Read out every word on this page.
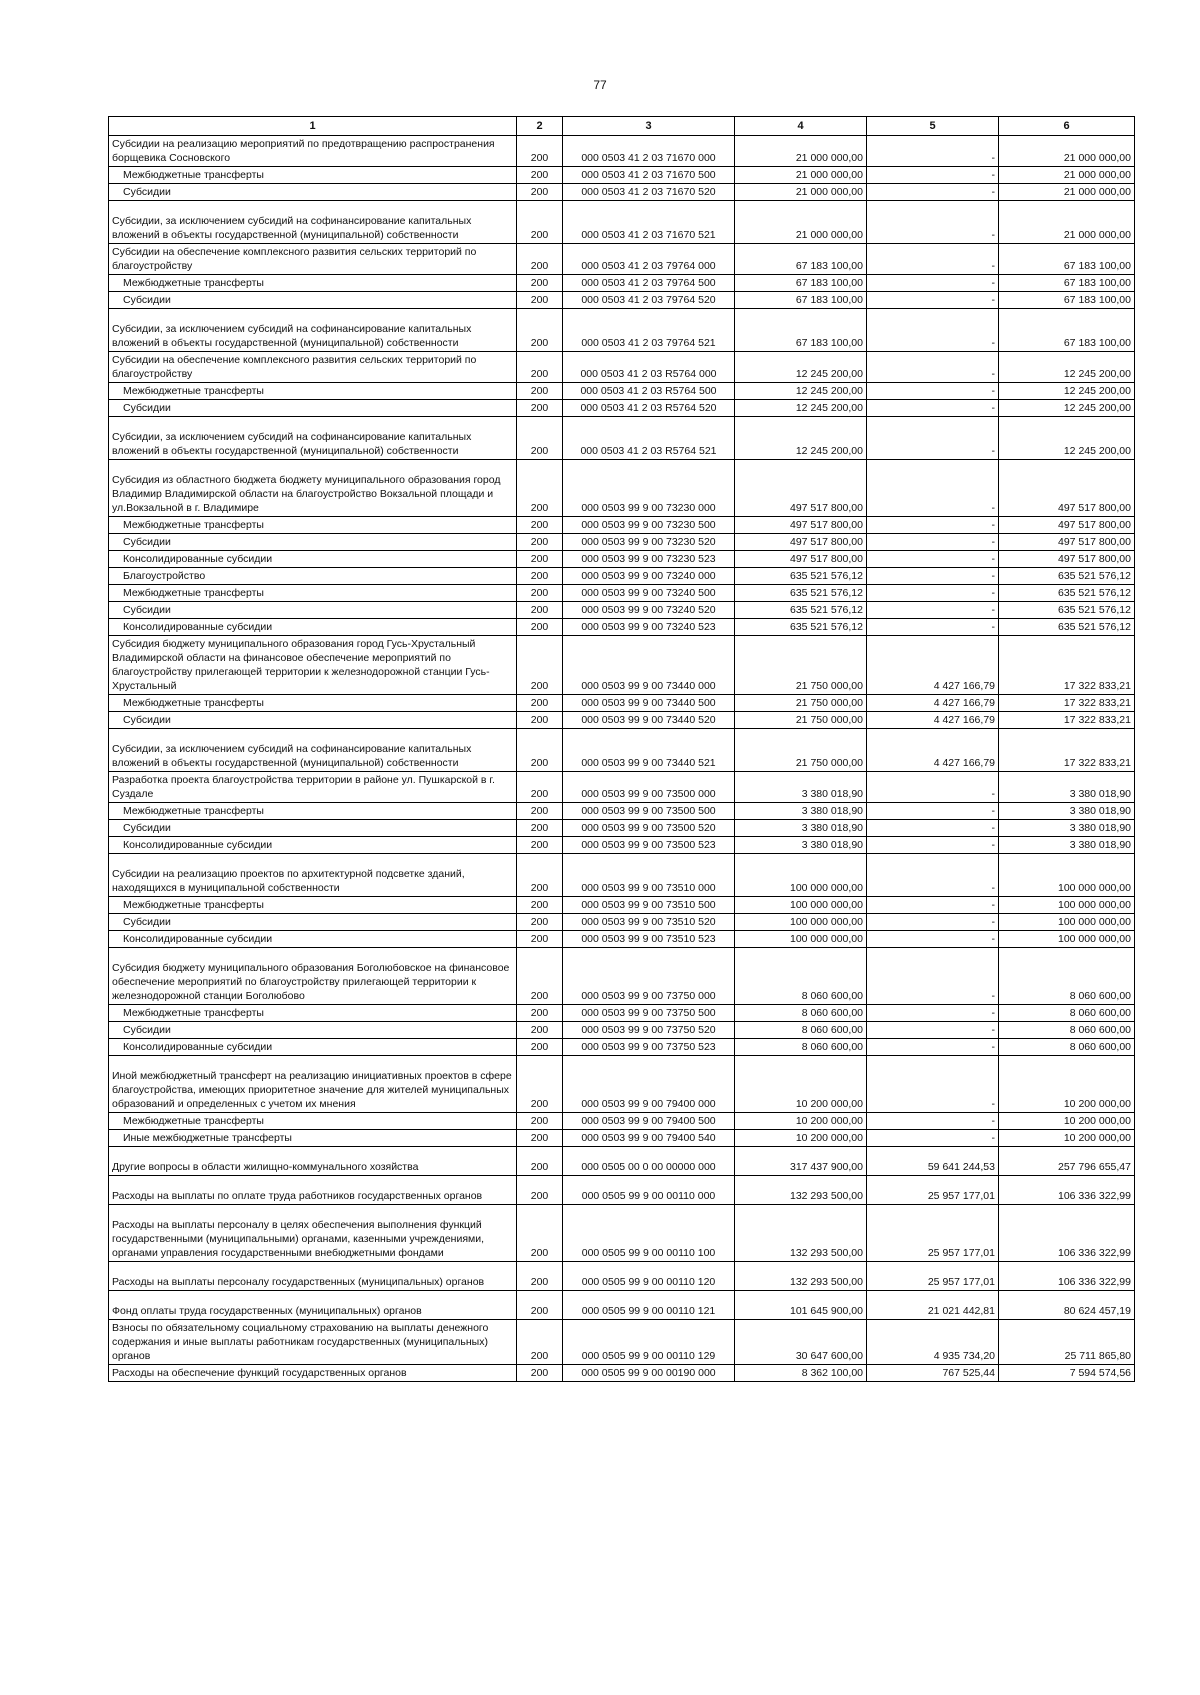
77
1	2	3	4	5	6
Субсидии на реализацию мероприятий по предотвращению распространения борщевика Сосновского	200	000 0503 41 2 03 71670 000	21 000 000,00	-	21 000 000,00
Межбюджетные трансферты	200	000 0503 41 2 03 71670 500	21 000 000,00	-	21 000 000,00
Субсидии	200	000 0503 41 2 03 71670 520	21 000 000,00	-	21 000 000,00
Субсидии, за исключением субсидий на софинансирование капитальных вложений в объекты государственной (муниципальной) собственности	200	000 0503 41 2 03 71670 521	21 000 000,00	-	21 000 000,00
Субсидии на обеспечение комплексного развития сельских территорий по благоустройству	200	000 0503 41 2 03 79764 000	67 183 100,00	-	67 183 100,00
Межбюджетные трансферты	200	000 0503 41 2 03 79764 500	67 183 100,00	-	67 183 100,00
Субсидии	200	000 0503 41 2 03 79764 520	67 183 100,00	-	67 183 100,00
Субсидии, за исключением субсидий на софинансирование капитальных вложений в объекты государственной (муниципальной) собственности	200	000 0503 41 2 03 79764 521	67 183 100,00	-	67 183 100,00
Субсидии на обеспечение комплексного развития сельских территорий по благоустройству	200	000 0503 41 2 03 R5764 000	12 245 200,00	-	12 245 200,00
Межбюджетные трансферты	200	000 0503 41 2 03 R5764 500	12 245 200,00	-	12 245 200,00
Субсидии	200	000 0503 41 2 03 R5764 520	12 245 200,00	-	12 245 200,00
Субсидии, за исключением субсидий на софинансирование капитальных вложений в объекты государственной (муниципальной) собственности	200	000 0503 41 2 03 R5764 521	12 245 200,00	-	12 245 200,00
Субсидия из областного бюджета бюджету муниципального образования город Владимир Владимирской области на благоустройство Вокзальной площади и ул.Вокзальной в г. Владимире	200	000 0503 99 9 00 73230 000	497 517 800,00	-	497 517 800,00
Межбюджетные трансферты	200	000 0503 99 9 00 73230 500	497 517 800,00	-	497 517 800,00
Субсидии	200	000 0503 99 9 00 73230 520	497 517 800,00	-	497 517 800,00
Консолидированные субсидии	200	000 0503 99 9 00 73230 523	497 517 800,00	-	497 517 800,00
Благоустройство	200	000 0503 99 9 00 73240 000	635 521 576,12	-	635 521 576,12
Межбюджетные трансферты	200	000 0503 99 9 00 73240 500	635 521 576,12	-	635 521 576,12
Субсидии	200	000 0503 99 9 00 73240 520	635 521 576,12	-	635 521 576,12
Консолидированные субсидии	200	000 0503 99 9 00 73240 523	635 521 576,12	-	635 521 576,12
Субсидия бюджету муниципального образования город Гусь-Хрустальный Владимирской области на финансовое обеспечение мероприятий по благоустройству прилегающей территории к железнодорожной станции Гусь-Хрустальный	200	000 0503 99 9 00 73440 000	21 750 000,00	4 427 166,79	17 322 833,21
Межбюджетные трансферты	200	000 0503 99 9 00 73440 500	21 750 000,00	4 427 166,79	17 322 833,21
Субсидии	200	000 0503 99 9 00 73440 520	21 750 000,00	4 427 166,79	17 322 833,21
Субсидии, за исключением субсидий на софинансирование капитальных вложений в объекты государственной (муниципальной) собственности	200	000 0503 99 9 00 73440 521	21 750 000,00	4 427 166,79	17 322 833,21
Разработка проекта благоустройства территории в районе ул. Пушкарской в г. Суздале	200	000 0503 99 9 00 73500 000	3 380 018,90	-	3 380 018,90
Межбюджетные трансферты	200	000 0503 99 9 00 73500 500	3 380 018,90	-	3 380 018,90
Субсидии	200	000 0503 99 9 00 73500 520	3 380 018,90	-	3 380 018,90
Консолидированные субсидии	200	000 0503 99 9 00 73500 523	3 380 018,90	-	3 380 018,90
Субсидии на реализацию проектов по архитектурной подсветке зданий, находящихся в муниципальной собственности	200	000 0503 99 9 00 73510 000	100 000 000,00	-	100 000 000,00
Межбюджетные трансферты	200	000 0503 99 9 00 73510 500	100 000 000,00	-	100 000 000,00
Субсидии	200	000 0503 99 9 00 73510 520	100 000 000,00	-	100 000 000,00
Консолидированные субсидии	200	000 0503 99 9 00 73510 523	100 000 000,00	-	100 000 000,00
Субсидия бюджету муниципального образования Боголюбовское на финансовое обеспечение мероприятий по благоустройству прилегающей территории к железнодорожной станции Боголюбово	200	000 0503 99 9 00 73750 000	8 060 600,00	-	8 060 600,00
Межбюджетные трансферты	200	000 0503 99 9 00 73750 500	8 060 600,00	-	8 060 600,00
Субсидии	200	000 0503 99 9 00 73750 520	8 060 600,00	-	8 060 600,00
Консолидированные субсидии	200	000 0503 99 9 00 73750 523	8 060 600,00	-	8 060 600,00
Иной межбюджетный трансферт на реализацию инициативных проектов в сфере благоустройства, имеющих приоритетное значение для жителей муниципальных образований и определенных с учетом их мнения	200	000 0503 99 9 00 79400 000	10 200 000,00	-	10 200 000,00
Межбюджетные трансферты	200	000 0503 99 9 00 79400 500	10 200 000,00	-	10 200 000,00
Иные межбюджетные трансферты	200	000 0503 99 9 00 79400 540	10 200 000,00	-	10 200 000,00
Другие вопросы в области жилищно-коммунального хозяйства	200	000 0505 00 0 00 00000 000	317 437 900,00	59 641 244,53	257 796 655,47
Расходы на выплаты по оплате труда работников государственных органов	200	000 0505 99 9 00 00110 000	132 293 500,00	25 957 177,01	106 336 322,99
Расходы на выплаты персоналу в целях обеспечения выполнения функций государственными (муниципальными) органами, казенными учреждениями, органами управления государственными внебюджетными фондами	200	000 0505 99 9 00 00110 100	132 293 500,00	25 957 177,01	106 336 322,99
Расходы на выплаты персоналу государственных (муниципальных) органов	200	000 0505 99 9 00 00110 120	132 293 500,00	25 957 177,01	106 336 322,99
Фонд оплаты труда государственных (муниципальных) органов	200	000 0505 99 9 00 00110 121	101 645 900,00	21 021 442,81	80 624 457,19
Взносы по обязательному социальному страхованию на выплаты денежного содержания и иные выплаты работникам государственных (муниципальных) органов	200	000 0505 99 9 00 00110 129	30 647 600,00	4 935 734,20	25 711 865,80
Расходы на обеспечение функций государственных органов	200	000 0505 99 9 00 00190 000	8 362 100,00	767 525,44	7 594 574,56
